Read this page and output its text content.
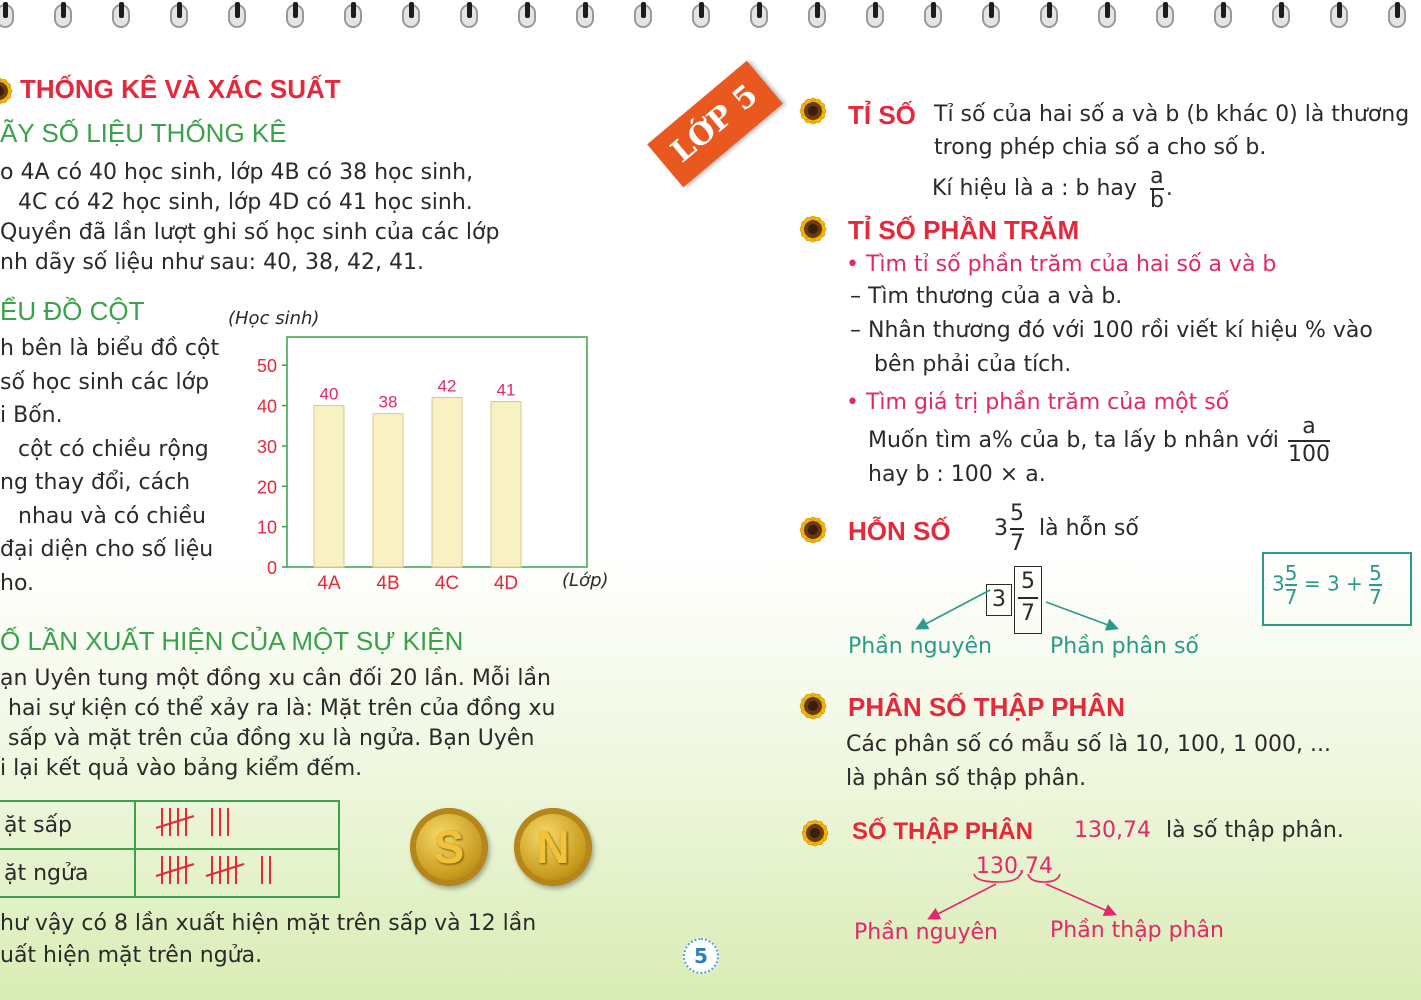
THỐNG KÊ VÀ XÁC SUẤT
ÃY SỐ LIỆU THỐNG KÊ
o 4A có 40 học sinh, lớp 4B có 38 học sinh,
4C có 42 học sinh, lớp 4D có 41 học sinh.
Quyền đã lần lượt ghi số học sinh của các lớp
nh dãy số liệu như sau: 40, 38, 42, 41.
ỂU ĐỒ CỘT
h bên là biểu đồ cột
số học sinh các lớp
i Bốn.
cột có chiều rộng
ng thay đổi, cách
nhau và có chiều
đại diện cho số liệu
ho.
(Học sinh)
(Lớp)
0
10
20
30
40
50
40
4A
38
4B
42
4C
41
4D
Ố LẦN XUẤT HIỆN CỦA MỘT SỰ KIỆN
ạn Uyên tung một đồng xu cân đối 20 lần. Mỗi lần
hai sự kiện có thể xảy ra là: Mặt trên của đồng xu
sấp và mặt trên của đồng xu là ngửa. Bạn Uyên
i lại kết quả vào bảng kiểm đếm.
ặt sấp	
ặt ngửa		S	N
hư vậy có 8 lần xuất hiện mặt trên sấp và 12 lần
uất hiện mặt trên ngửa.	5
LỚP 5	TỈ SỐ Tỉ số của hai số a và b (b khác 0) là thương
trong phép chia số a cho số b.
Kí hiệu là a : b hay $\frac{a}{b}$ .
TỈ SỐ PHẦN TRĂM
• Tìm tỉ số phần trăm của hai số a và b
– Tìm thương của a và b.
– Nhân thương đó với 100 rồi viết kí hiệu % vào
bên phải của tích.
• Tìm giá trị phần trăm của một số
Muốn tìm a% của b, ta lấy b nhân với $\frac{a}{100}$
hay b : 100 × a.
HỖN SỐ $3 \frac{5}{7}$ là hỗn số
3
5
7
Phần nguyên	Phần phân số
$3 \frac{5}{7} = 3 + \frac{5}{7}$
PHÂN SỐ THẬP PHÂN
Các phân số có mẫu số là 10, 100, 1 000, ...
là phân số thập phân.
SỐ THẬP PHÂN 130,74 là số thập phân.
130,74
Phần nguyên Phần thập phân
